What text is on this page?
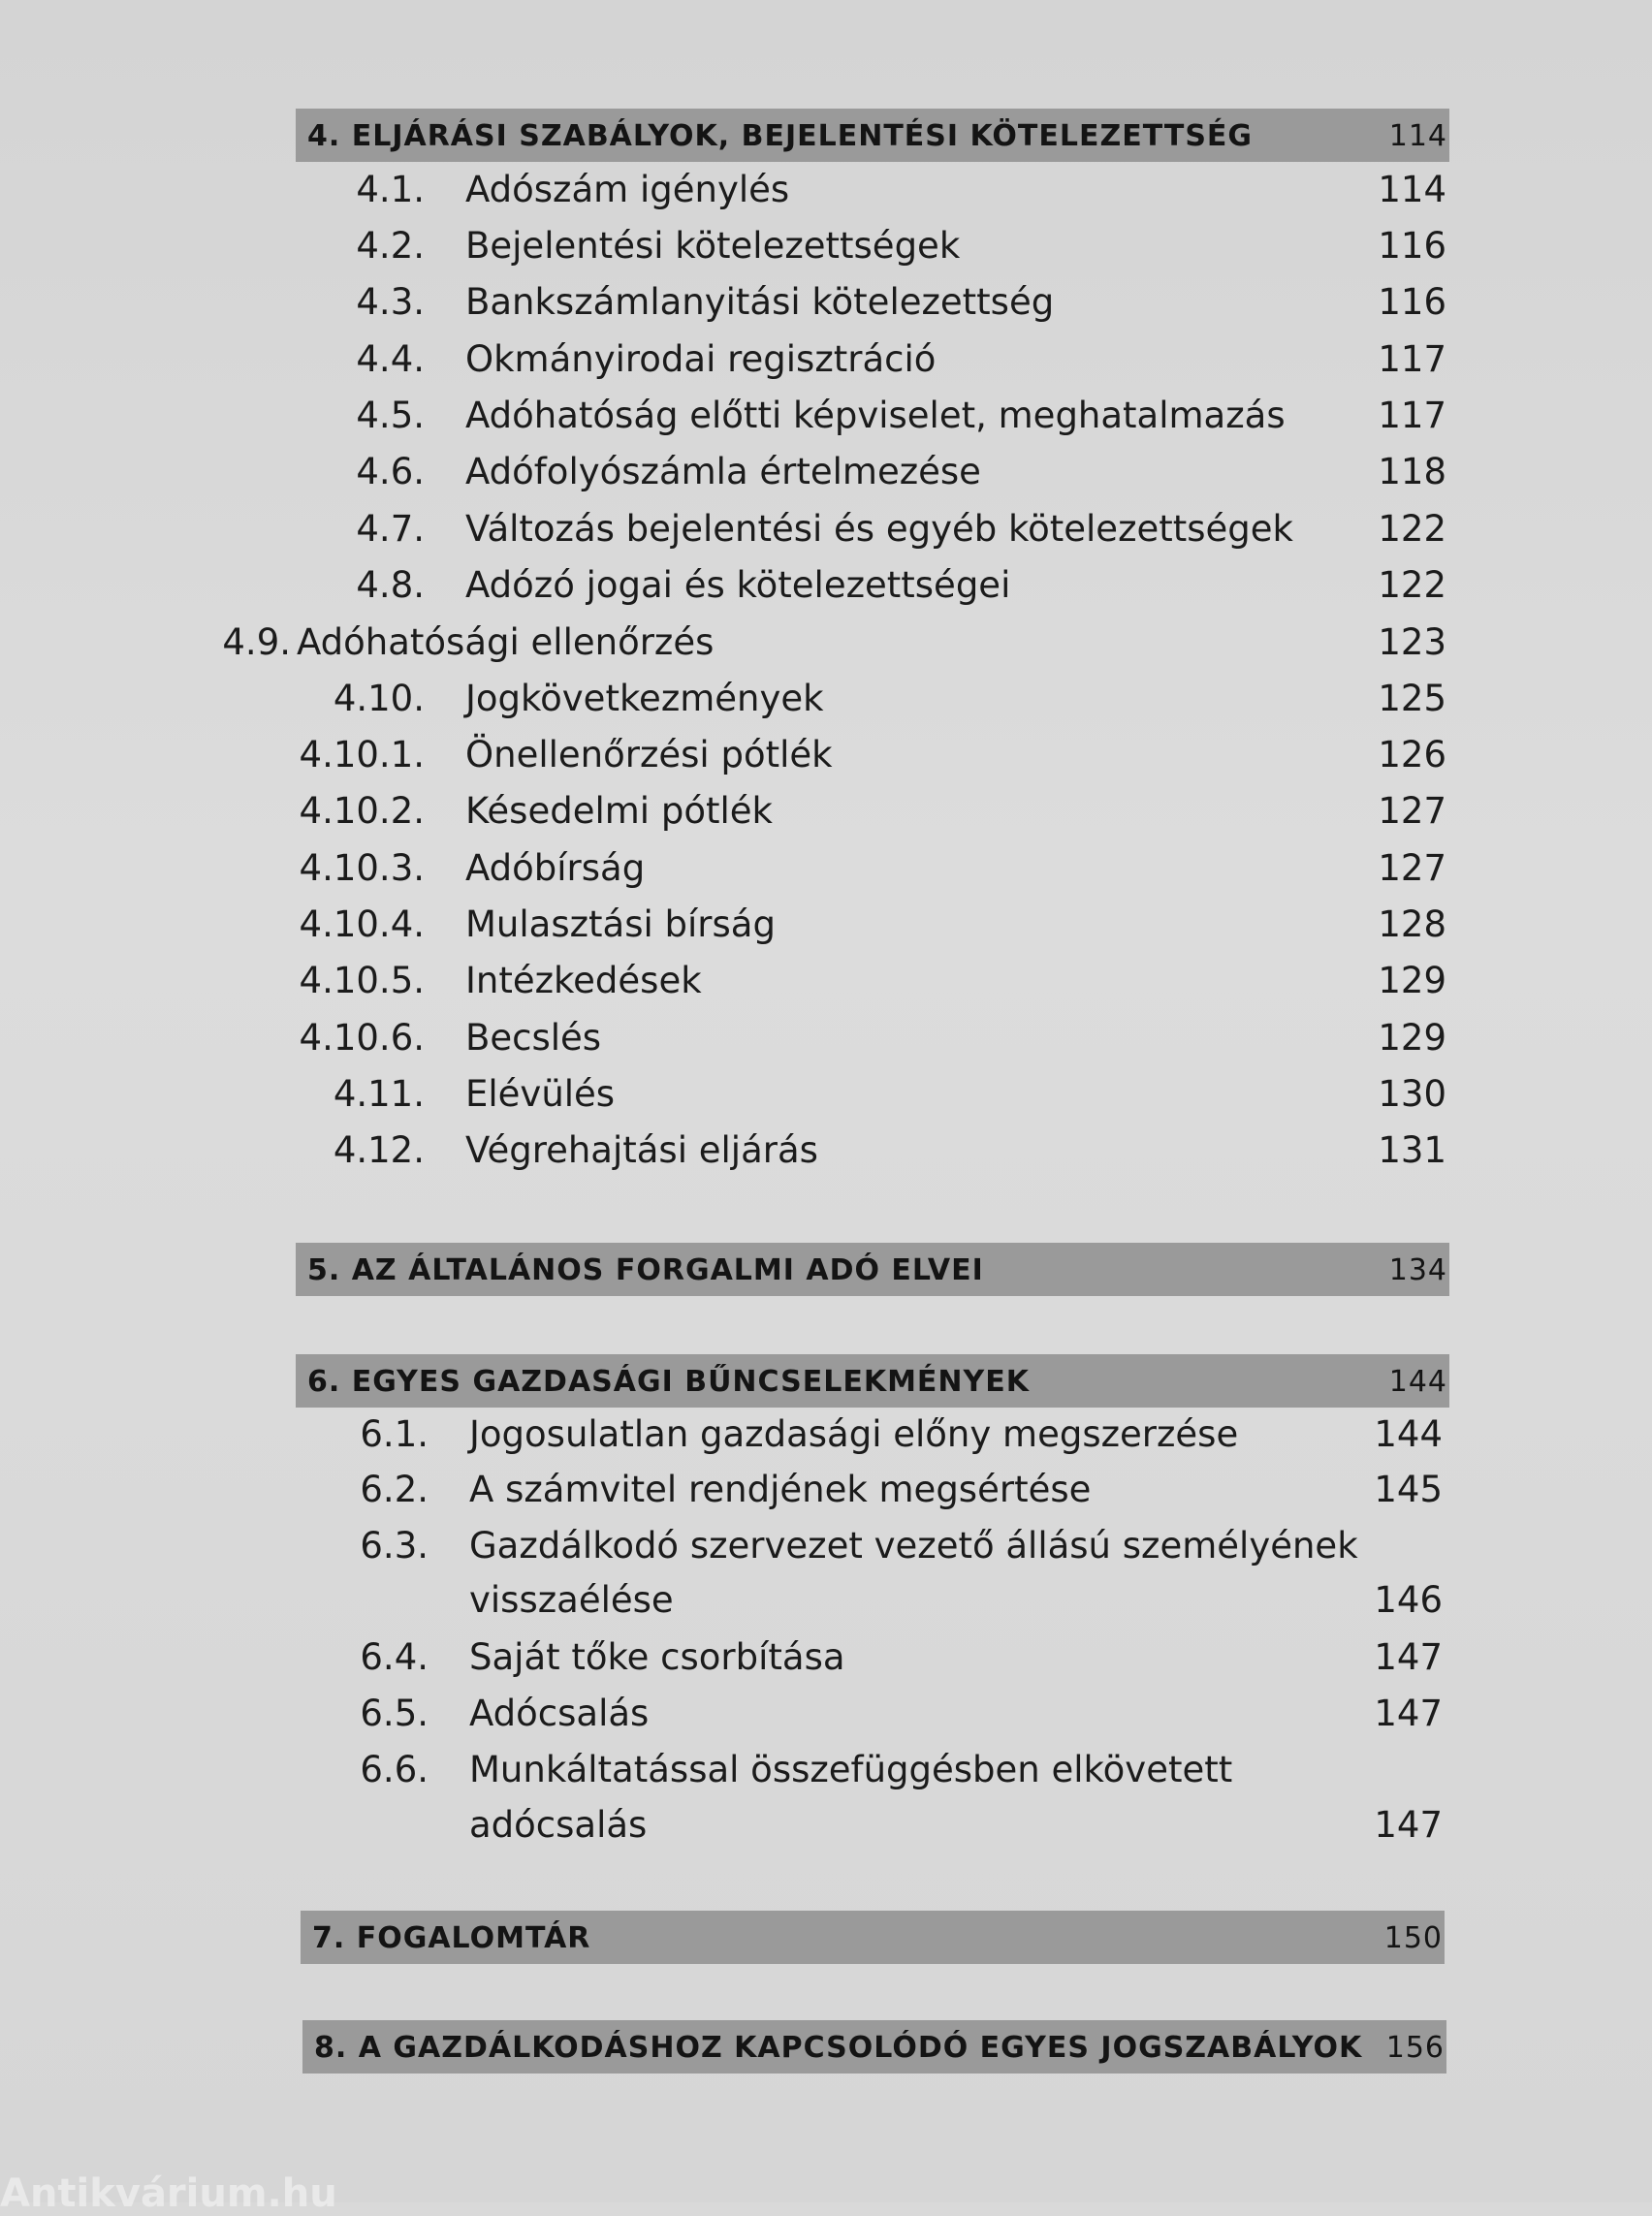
4. ELJÁRÁSI SZABÁLYOK, BEJELENTÉSI KÖTELEZETTSÉG	114
4.1. Adószám igénylés	114
4.2. Bejelentési kötelezettségek	116
4.3. Bankszámlanyitási kötelezettség	116
4.4. Okmányirodai regisztráció	117
4.5. Adóhatóság előtti képviselet, meghatalmazás	117
4.6. Adófolyószámla értelmezése	118
4.7. Változás bejelentési és egyéb kötelezettségek 122
4.8. Adózó jogai és kötelezettségei	122
4.9. Adóhatósági ellenőrzés	123
4.10. Jogkövetkezmények	125
4.10.1. Önellenőrzési pótlék	126
4.10.2. Késedelmi pótlék	127
4.10.3. Adóbírság	127
4.10.4. Mulasztási bírság	128
4.10.5. Intézkedések	129
4.10.6. Becslés	129
4.11. Elévülés	130
4.12. Végrehajtási eljárás	131
5. AZ ÁLTALÁNOS FORGALMI ADÓ ELVEI	134
6. EGYES GAZDASÁGI BŰNCSELEKMÉNYEK	144
6.1. Jogosulatlan gazdasági előny megszerzése	144
6.2. A számvitel rendjének megsértése	145
6.3. Gazdálkodó szervezet vezető állású személyének
visszaélése	146
6.4. Saját tőke csorbítása	147
6.5. Adócsalás	147
6.6. Munkáltatással összefüggésben elkövetett
adócsalás	147
7. FOGALOMTÁR	150
8. A GAZDÁLKODÁSHOZ KAPCSOLÓDÓ EGYES JOGSZABÁLYOK 156
Antikvárium.hu
